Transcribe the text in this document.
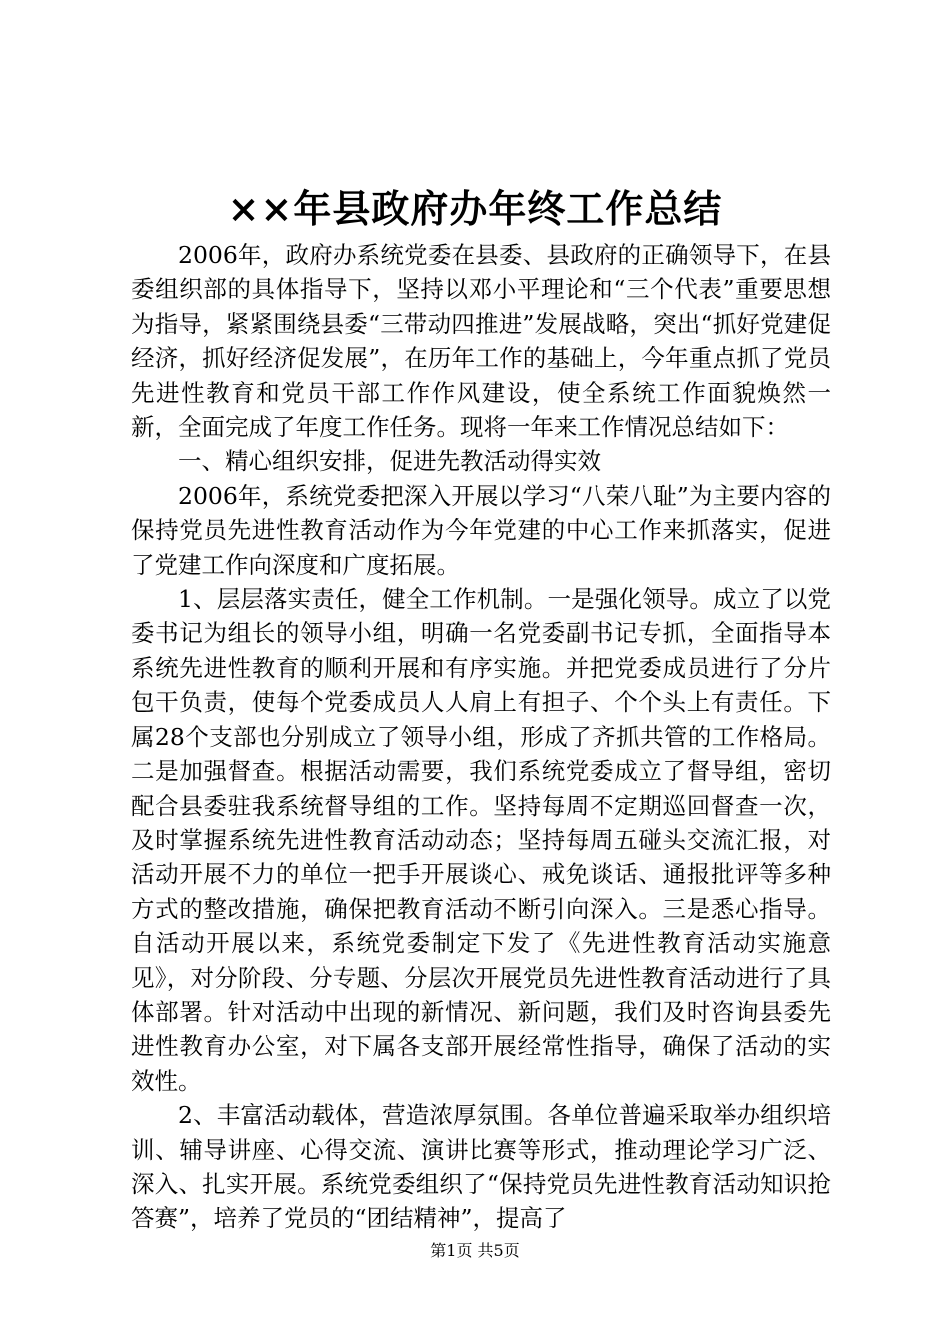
××年县政府办年终工作总结

2006年，政府办系统党委在县委、县政府的正确领导下，在县委组织部的具体指导下，坚持以邓小平理论和“三个代表”重要思想为指导，紧紧围绕县委“三带动四推进”发展战略，突出“抓好党建促经济，抓好经济促发展”，在历年工作的基础上，今年重点抓了党员先进性教育和党员干部工作作风建设，使全系统工作面貌焕然一新，全面完成了年度工作任务。现将一年来工作情况总结如下：

一、精心组织安排，促进先教活动得实效

2006年，系统党委把深入开展以学习“八荣八耻”为主要内容的保持党员先进性教育活动作为今年党建的中心工作来抓落实，促进了党建工作向深度和广度拓展。

1、层层落实责任，健全工作机制。一是强化领导。成立了以党委书记为组长的领导小组，明确一名党委副书记专抓，全面指导本系统先进性教育的顺利开展和有序实施。并把党委成员进行了分片包干负责，使每个党委成员人人肩上有担子、个个头上有责任。下属28个支部也分别成立了领导小组，形成了齐抓共管的工作格局。二是加强督查。根据活动需要，我们系统党委成立了督导组，密切配合县委驻我系统督导组的工作。坚持每周不定期巡回督查一次，及时掌握系统先进性教育活动动态；坚持每周五碰头交流汇报，对活动开展不力的单位一把手开展谈心、戒免谈话、通报批评等多种方式的整改措施，确保把教育活动不断引向深入。三是悉心指导。自活动开展以来，系统党委制定下发了《先进性教育活动实施意见》，对分阶段、分专题、分层次开展党员先进性教育活动进行了具体部署。针对活动中出现的新情况、新问题，我们及时咨询县委先进性教育办公室，对下属各支部开展经常性指导，确保了活动的实效性。

2、丰富活动载体，营造浓厚氛围。各单位普遍采取举办组织培训、辅导讲座、心得交流、演讲比赛等形式，推动理论学习广泛、深入、扎实开展。系统党委组织了“保持党员先进性教育活动知识抢答赛”，培养了党员的“团结精神”，提高了

第1页 共5页
